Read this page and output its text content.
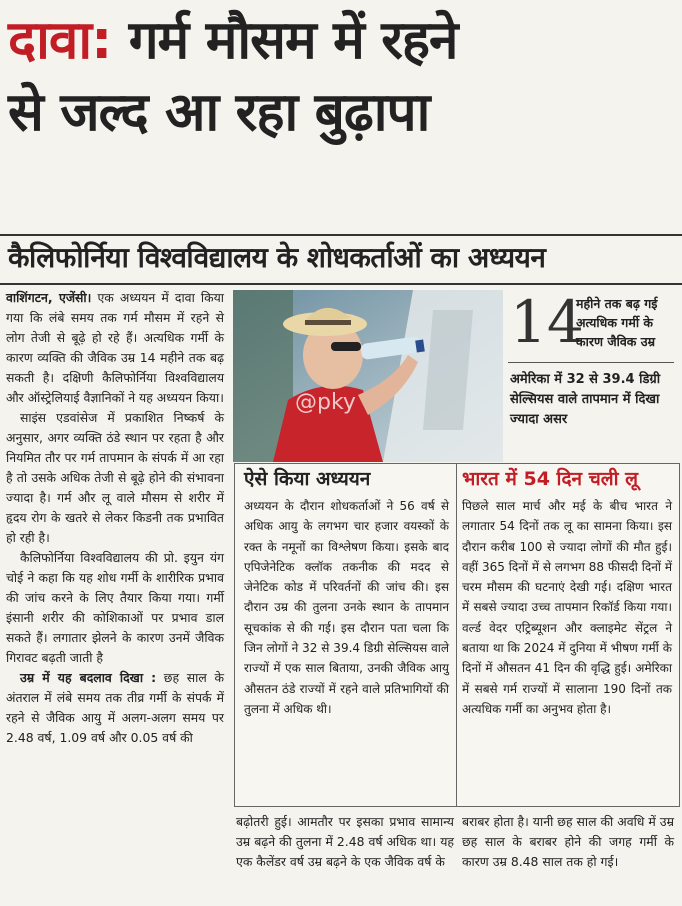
दावा: गर्म मौसम में रहने
से जल्द आ रहा बुढ़ापा
कैलिफोर्निया विश्वविद्यालय के शोधकर्ताओं का अध्ययन

वाशिंगटन, एजेंसी। एक अध्ययन में दावा किया गया कि लंबे समय तक गर्म मौसम में रहने से लोग तेजी से बूढ़े हो रहे हैं। अत्यधिक गर्मी के कारण व्यक्ति की जैविक उम्र 14 महीने तक बढ़ सकती है। दक्षिणी कैलिफोर्निया विश्वविद्यालय और ऑस्ट्रेलियाई वैज्ञानिकों ने यह अध्ययन किया।

साइंस एडवांसेज में प्रकाशित निष्कर्ष के अनुसार, अगर व्यक्ति ठंडे स्थान पर रहता है और नियमित तौर पर गर्म तापमान के संपर्क में आ रहा है तो उसके अधिक तेजी से बूढ़े होने की संभावना ज्यादा है। गर्म और लू वाले मौसम से शरीर में हृदय रोग के खतरे से लेकर किडनी तक प्रभावित हो रही है।

कैलिफोर्निया विश्वविद्यालय की प्रो. इयुन यंग चोई ने कहा कि यह शोध गर्मी के शारीरिक प्रभाव की जांच करने के लिए तैयार किया गया। गर्मी इंसानी शरीर की कोशिकाओं पर प्रभाव डाल सकते हैं। लगातार झेलने के कारण उनमें जैविक गिरावट बढ़ती जाती है

उम्र में यह बदलाव दिखा : छह साल के अंतराल में लंबे समय तक तीव्र गर्मी के संपर्क में रहने से जैविक आयु में अलग-अलग समय पर 2.48 वर्ष, 1.09 वर्ष और 0.05 वर्ष की

@pky
14
महीने तक बढ़ गई अत्यधिक गर्मी के कारण जैविक उम्र
अमेरिका में 32 से 39.4 डिग्री सेल्सियस वाले तापमान में दिखा ज्यादा असर
ऐसे किया अध्ययन
अध्ययन के दौरान शोधकर्ताओं ने 56 वर्ष से अधिक आयु के लगभग चार हजार वयस्कों के रक्त के नमूनों का विश्लेषण किया। इसके बाद एपिजेनेटिक क्लॉक तकनीक की मदद से जेनेटिक कोड में परिवर्तनों की जांच की। इस दौरान उम्र की तुलना उनके स्थान के तापमान सूचकांक से की गई। इस दौरान पता चला कि जिन लोगों ने 32 से 39.4 डिग्री सेल्सियस वाले राज्यों में एक साल बिताया, उनकी जैविक आयु औसतन ठंडे राज्यों में रहने वाले प्रतिभागियों की तुलना में अधिक थी।
भारत में 54 दिन चली लू
पिछले साल मार्च और मई के बीच भारत ने लगातार 54 दिनों तक लू का सामना किया। इस दौरान करीब 100 से ज्यादा लोगों की मौत हुई। वहीं 365 दिनों में से लगभग 88 फीसदी दिनों में चरम मौसम की घटनाएं देखी गई। दक्षिण भारत में सबसे ज्यादा उच्च तापमान रिकॉर्ड किया गया। वर्ल्ड वेदर एट्रिब्यूशन और क्लाइमेट सेंट्रल ने बताया था कि 2024 में दुनिया में भीषण गर्मी के दिनों में औसतन 41 दिन की वृद्धि हुई। अमेरिका में सबसे गर्म राज्यों में सालाना 190 दिनों तक अत्यधिक गर्मी का अनुभव होता है।
बढ़ोतरी हुई। आमतौर पर इसका प्रभाव सामान्य उम्र बढ़ने की तुलना में 2.48 वर्ष अधिक था। यह एक कैलेंडर वर्ष उम्र बढ़ने के एक जैविक वर्ष के
बराबर होता है। यानी छह साल की अवधि में उम्र छह साल के बराबर होने की जगह गर्मी के कारण उम्र 8.48 साल तक हो गई।
